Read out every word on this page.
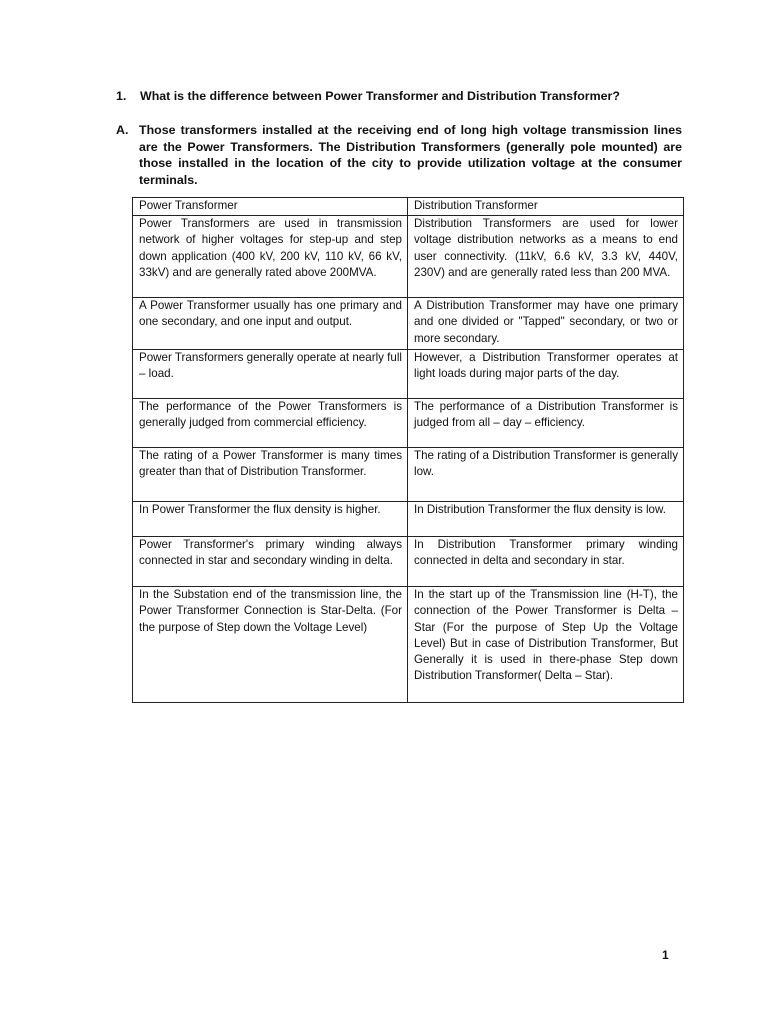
1. What is the difference between Power Transformer and Distribution Transformer?
A. Those transformers installed at the receiving end of long high voltage transmission lines are the Power Transformers. The Distribution Transformers (generally pole mounted) are those installed in the location of the city to provide utilization voltage at the consumer terminals.
Power Transformer	Distribution Transformer
Power Transformers are used in transmission network of higher voltages for step-up and step down application (400 kV, 200 kV, 110 kV, 66 kV, 33kV) and are generally rated above 200MVA.	Distribution Transformers are used for lower voltage distribution networks as a means to end user connectivity. (11kV, 6.6 kV, 3.3 kV, 440V, 230V) and are generally rated less than 200 MVA.
A Power Transformer usually has one primary and one secondary, and one input and output.	A Distribution Transformer may have one primary and one divided or "Tapped" secondary, or two or more secondary.
Power Transformers generally operate at nearly full – load.	However, a Distribution Transformer operates at light loads during major parts of the day.
The performance of the Power Transformers is generally judged from commercial efficiency.	The performance of a Distribution Transformer is judged from all – day – efficiency.
The rating of a Power Transformer is many times greater than that of Distribution Transformer.	The rating of a Distribution Transformer is generally low.
In Power Transformer the flux density is higher.	In Distribution Transformer the flux density is low.
Power Transformer's primary winding always connected in star and secondary winding in delta.	In Distribution Transformer primary winding connected in delta and secondary in star.
In the Substation end of the transmission line, the Power Transformer Connection is Star-Delta. (For the purpose of Step down the Voltage Level)	In the start up of the Transmission line (H-T), the connection of the Power Transformer is Delta – Star (For the purpose of Step Up the Voltage Level) But in case of Distribution Transformer, But Generally it is used in there-phase Step down Distribution Transformer( Delta – Star).
1
